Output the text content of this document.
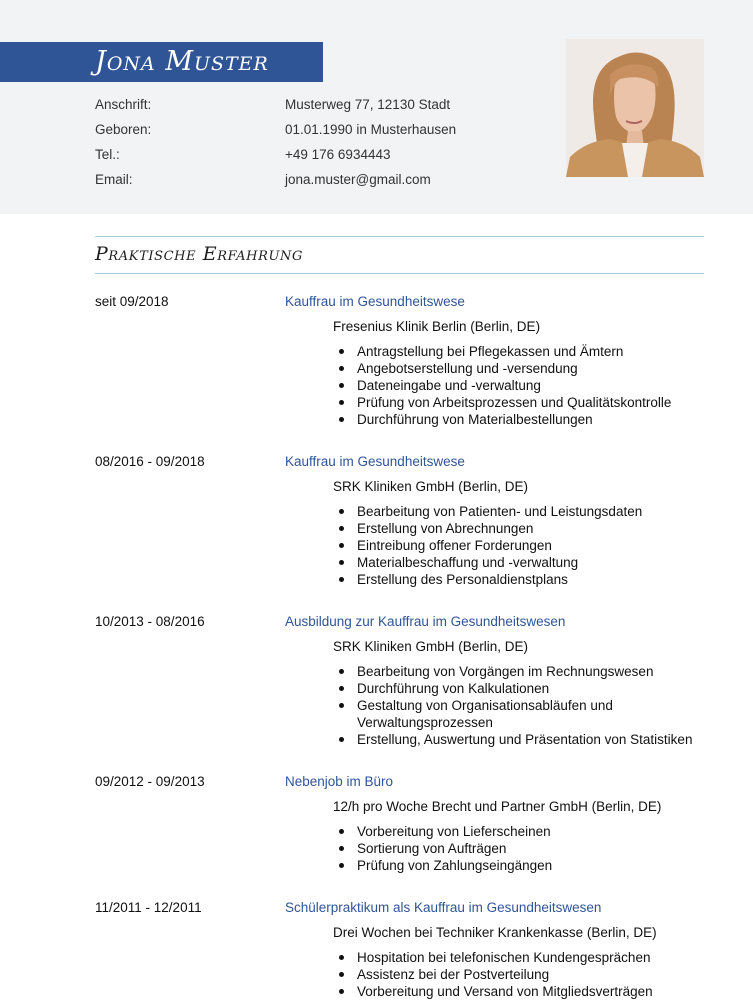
Jona Muster
Anschrift:	Musterweg 77, 12130 Stadt
Geboren:	01.01.1990 in Musterhausen
Tel.:	+49 176 6934443
Email:	jona.muster@gmail.com
Praktische Erfahrung
seit 09/2018	Kauffrau im Gesundheitswese
Fresenius Klinik Berlin (Berlin, DE)
Antragstellung bei Pflegekassen und Ämtern
Angebotserstellung und -versendung
Dateneingabe und -verwaltung
Prüfung von Arbeitsprozessen und Qualitätskontrolle
Durchführung von Materialbestellungen
08/2016 - 09/2018	Kauffrau im Gesundheitswese
SRK Kliniken GmbH (Berlin, DE)
Bearbeitung von Patienten- und Leistungsdaten
Erstellung von Abrechnungen
Eintreibung offener Forderungen
Materialbeschaffung und -verwaltung
Erstellung des Personaldienstplans
10/2013 - 08/2016	Ausbildung zur Kauffrau im Gesundheitswesen
SRK Kliniken GmbH (Berlin, DE)
Bearbeitung von Vorgängen im Rechnungswesen
Durchführung von Kalkulationen
Gestaltung von Organisationsabläufen und Verwaltungsprozessen
Erstellung, Auswertung und Präsentation von Statistiken
09/2012 - 09/2013	Nebenjob im Büro
12/h pro Woche Brecht und Partner GmbH (Berlin, DE)
Vorbereitung von Lieferscheinen
Sortierung von Aufträgen
Prüfung von Zahlungseingängen
11/2011 - 12/2011	Schülerpraktikum als Kauffrau im Gesundheitswesen
Drei Wochen bei Techniker Krankenkasse (Berlin, DE)
Hospitation bei telefonischen Kundengesprächen
Assistenz bei der Postverteilung
Vorbereitung und Versand von Mitgliedsverträgen
